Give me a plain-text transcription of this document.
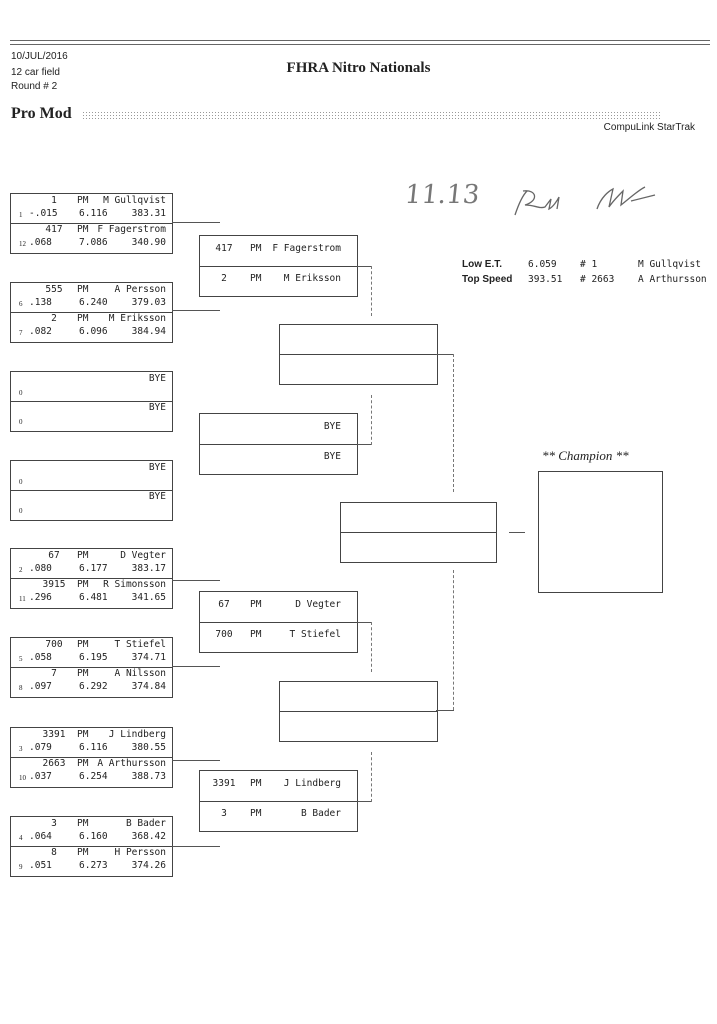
10/JUL/2016
12 car field
Round # 2
FHRA Nitro Nationals
Pro Mod
CompuLink StarTrak
11.13
Low E.T.	6.059 # 1	M Gullqvist
Top Speed 393.51 # 2663 A Arthursson
1	PM M Gullqvist
1 -.015 6.116	383.31
417	PM F Fagerstrom
12 .068	7.086	340.90
555	PM	A Persson
6 .138	6.240	379.03
2	PM M Eriksson
7 .082	6.096	384.94
BYE
0
BYE
0
BYE
0
BYE
0
67	PM	D Vegter
2 .080	6.177	383.17
3915	PM R Simonsson
11 .296	6.481	341.65
700	PM	T Stiefel
5 .058	6.195	374.71
7	PM	A Nilsson
8 .097	6.292	374.84
3391	PM J Lindberg
3 .079	6.116	380.55
2663	PM A Arthursson
10 .037	6.254	388.73
3	PM	B Bader
4 .064	6.160	368.42
8	PM	H Persson
9 .051	6.273	374.26
417	PM F Fagerstrom
2	PM M Eriksson
BYE
BYE
67	PM	D Vegter
700	PM	T Stiefel
3391	PM J Lindberg
3	PM	B Bader
** Champion **
